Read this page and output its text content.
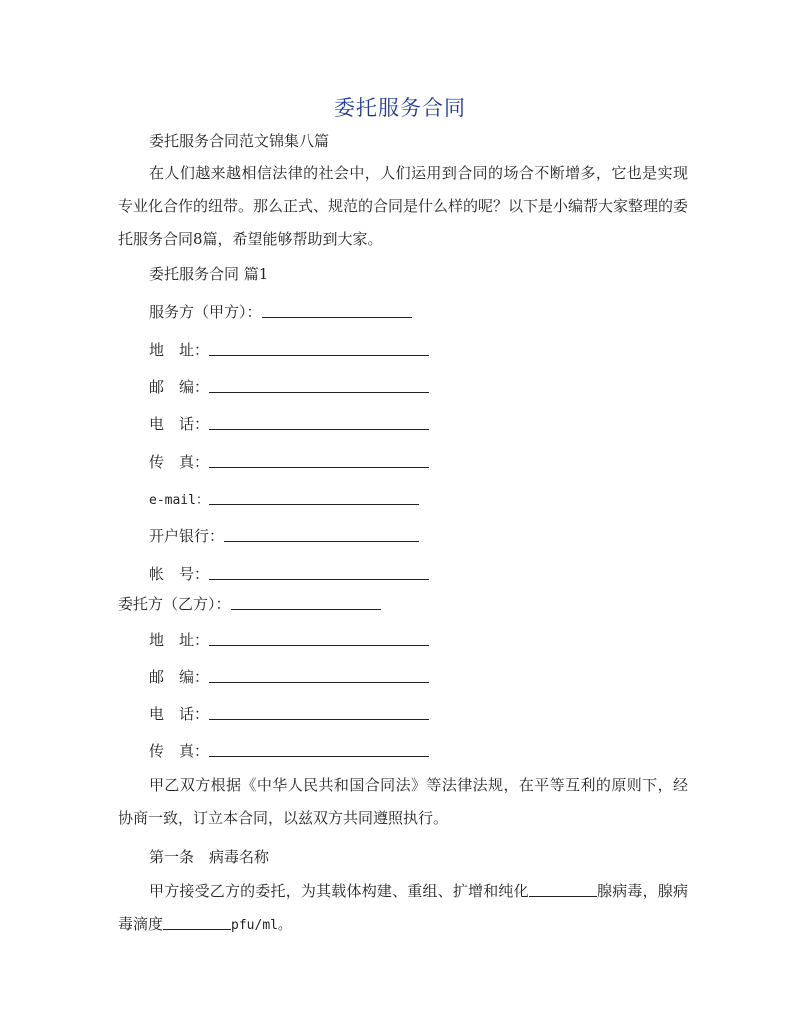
委托服务合同
委托服务合同范文锦集八篇
在人们越来越相信法律的社会中，人们运用到合同的场合不断增多，它也是实现专业化合作的纽带。那么正式、规范的合同是什么样的呢？以下是小编帮大家整理的委托服务合同8篇，希望能够帮助到大家。
委托服务合同 篇1
服务方（甲方）：
地　址：
邮　编：
电　话：
传　真：
e-mail：
开户银行：
帐　号：
委托方（乙方）：
地　址：
邮　编：
电　话：
传　真：
甲乙双方根据《中华人民共和国合同法》等法律法规，在平等互利的原则下，经协商一致，订立本合同，以兹双方共同遵照执行。
第一条　病毒名称
甲方接受乙方的委托，为其载体构建、重组、扩增和纯化	腺病毒，腺病毒滴度	pfu/ml。
